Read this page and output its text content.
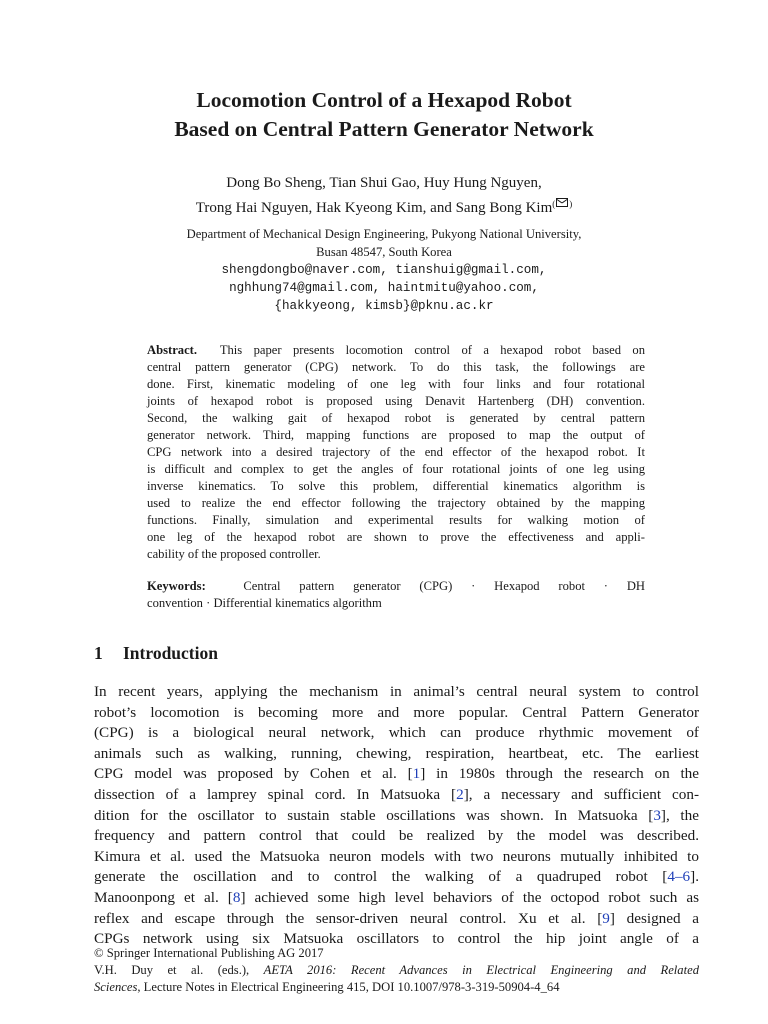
Locomotion Control of a Hexapod Robot
Based on Central Pattern Generator Network
Dong Bo Sheng, Tian Shui Gao, Huy Hung Nguyen,
Trong Hai Nguyen, Hak Kyeong Kim, and Sang Bong Kim( )
Department of Mechanical Design Engineering, Pukyong National University,
Busan 48547, South Korea
shengdongbo@naver.com, tianshuig@gmail.com,
nghhung74@gmail.com, haintmitu@yahoo.com,
{hakkyeong, kimsb}@pknu.ac.kr
Abstract. This paper presents locomotion control of a hexapod robot based on
central pattern generator (CPG) network. To do this task, the followings are
done. First, kinematic modeling of one leg with four links and four rotational
joints of hexapod robot is proposed using Denavit Hartenberg (DH) convention.
Second, the walking gait of hexapod robot is generated by central pattern
generator network. Third, mapping functions are proposed to map the output of
CPG network into a desired trajectory of the end effector of the hexapod robot. It
is difficult and complex to get the angles of four rotational joints of one leg using
inverse kinematics. To solve this problem, differential kinematics algorithm is
used to realize the end effector following the trajectory obtained by the mapping
functions. Finally, simulation and experimental results for walking motion of
one leg of the hexapod robot are shown to prove the effectiveness and appli-
cability of the proposed controller.
Keywords:	Central pattern generator (CPG) · Hexapod robot · DH
convention · Differential kinematics algorithm
1 Introduction
In recent years, applying the mechanism in animal’s central neural system to control
robot’s locomotion is becoming more and more popular. Central Pattern Generator
(CPG) is a biological neural network, which can produce rhythmic movement of
animals such as walking, running, chewing, respiration, heartbeat, etc. The earliest
CPG model was proposed by Cohen et al. [1] in 1980s through the research on the
dissection of a lamprey spinal cord. In Matsuoka [2], a necessary and sufficient con-
dition for the oscillator to sustain stable oscillations was shown. In Matsuoka [3], the
frequency and pattern control that could be realized by the model was described.
Kimura et al. used the Matsuoka neuron models with two neurons mutually inhibited to
generate the oscillation and to control the walking of a quadruped robot [4–6].
Manoonpong et al. [8] achieved some high level behaviors of the octopod robot such as
reflex and escape through the sensor-driven neural control. Xu et al. [9] designed a
CPGs network using six Matsuoka oscillators to control the hip joint angle of a
© Springer International Publishing AG 2017
V.H. Duy et al. (eds.), AETA 2016: Recent Advances in Electrical Engineering and Related
Sciences, Lecture Notes in Electrical Engineering 415, DOI 10.1007/978-3-319-50904-4_64
